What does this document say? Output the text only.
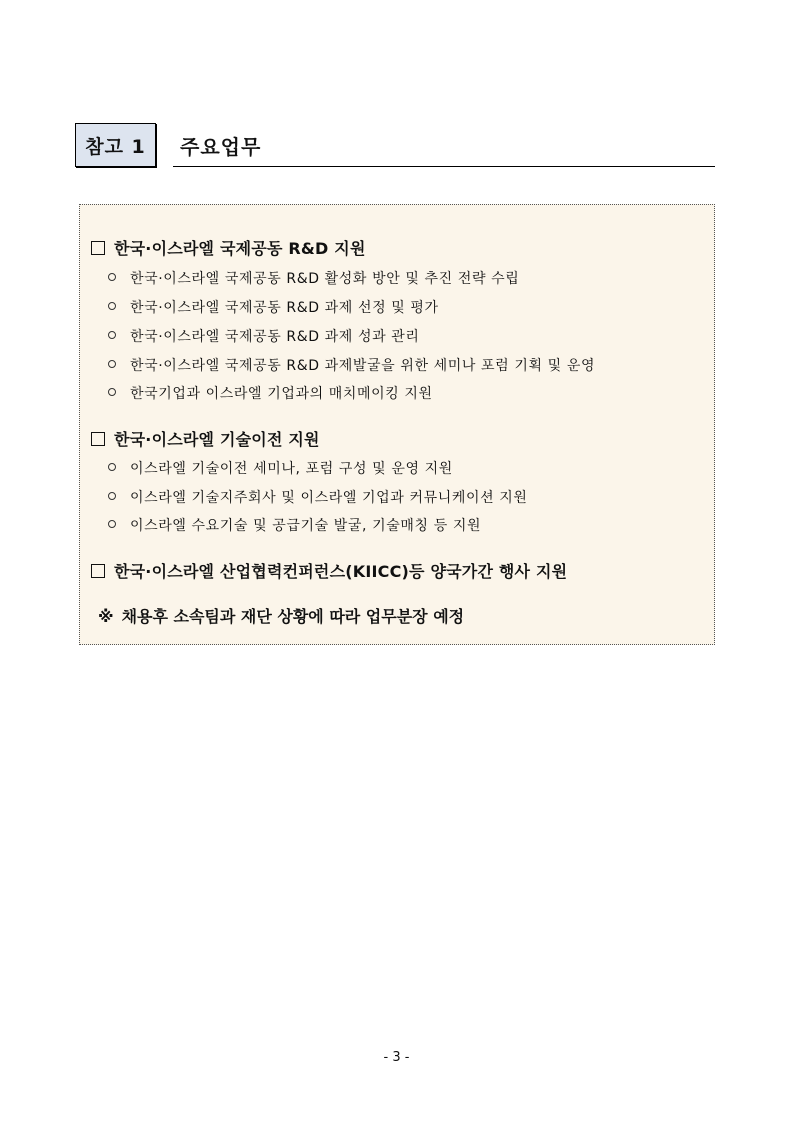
참고 1 주요업무
한국·이스라엘 국제공동 R&D 지원
한국·이스라엘 국제공동 R&D 활성화 방안 및 추진 전략 수립
한국·이스라엘 국제공동 R&D 과제 선정 및 평가
한국·이스라엘 국제공동 R&D 과제 성과 관리
한국·이스라엘 국제공동 R&D 과제발굴을 위한 세미나 포럼 기획 및 운영
한국기업과 이스라엘 기업과의 매치메이킹 지원
한국·이스라엘 기술이전 지원
이스라엘 기술이전 세미나, 포럼 구성 및 운영 지원
이스라엘 기술지주회사 및 이스라엘 기업과 커뮤니케이션 지원
이스라엘 수요기술 및 공급기술 발굴, 기술매칭 등 지원
한국·이스라엘 산업협력컨퍼런스(KIICC)등 양국가간 행사 지원
※ 채용후 소속팀과 재단 상황에 따라 업무분장 예정
- 3 -
